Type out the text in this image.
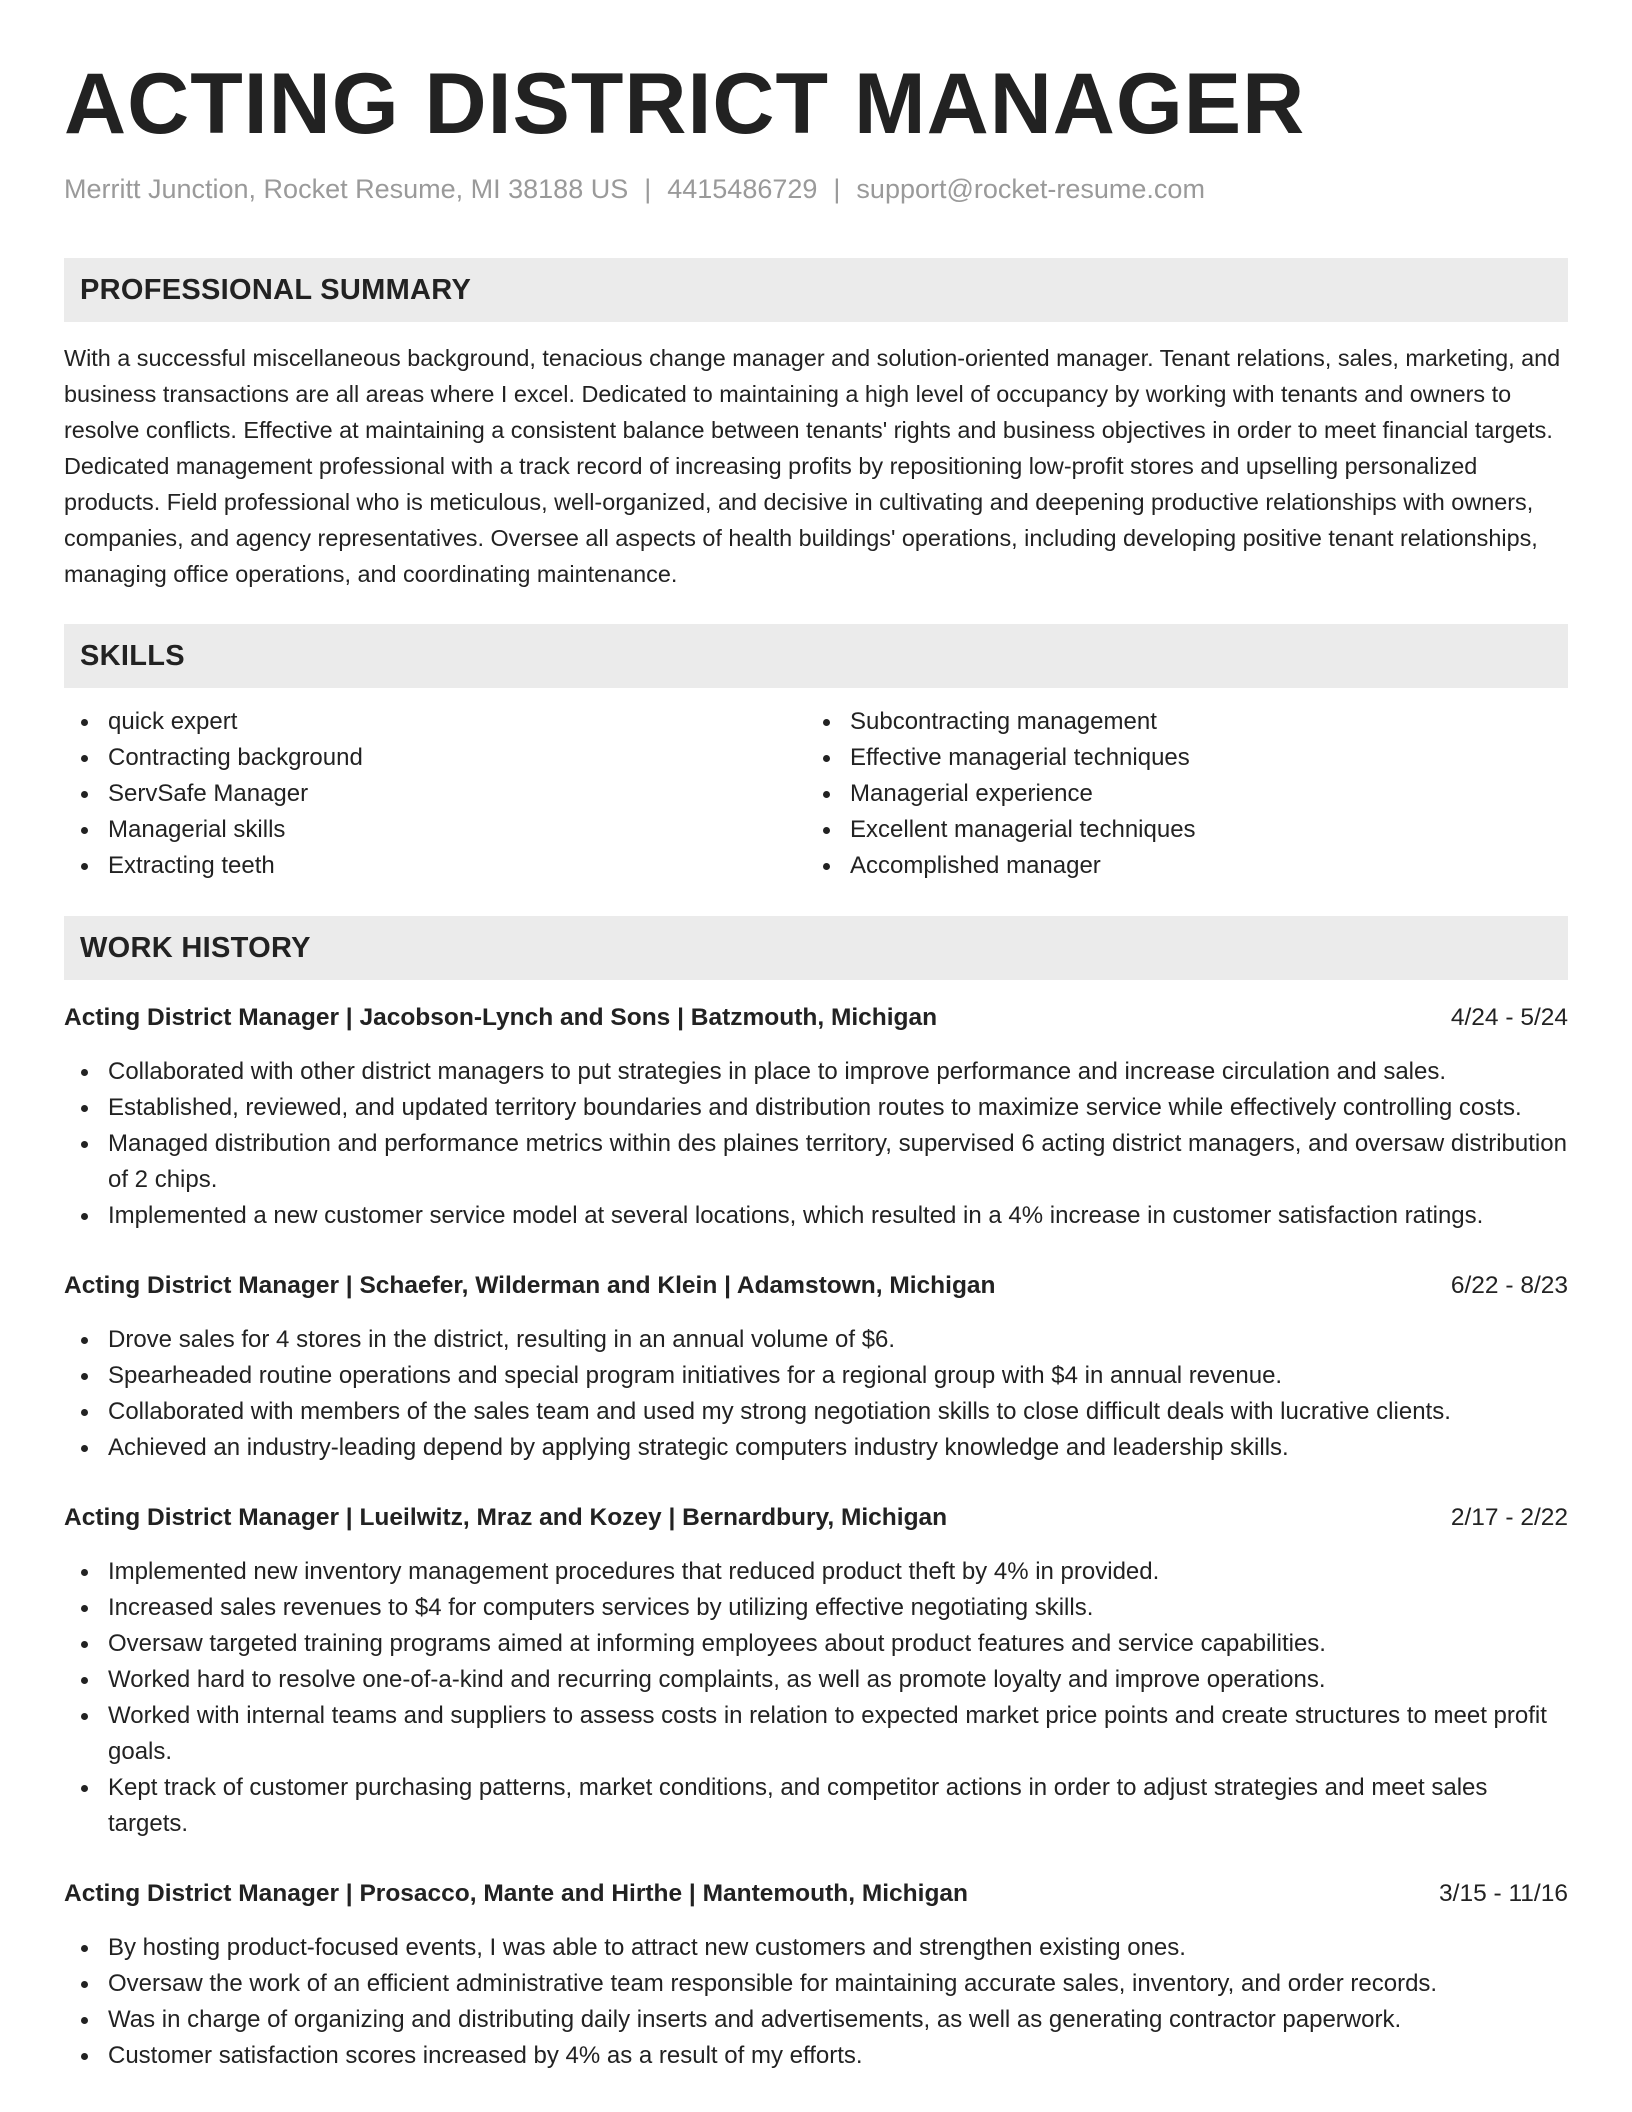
ACTING DISTRICT MANAGER
Merritt Junction, Rocket Resume, MI 38188 US | 4415486729 | support@rocket-resume.com
PROFESSIONAL SUMMARY

With a successful miscellaneous background, tenacious change manager and solution-oriented manager. Tenant relations, sales, marketing, and business transactions are all areas where I excel. Dedicated to maintaining a high level of occupancy by working with tenants and owners to resolve conflicts. Effective at maintaining a consistent balance between tenants' rights and business objectives in order to meet financial targets. Dedicated management professional with a track record of increasing profits by repositioning low-profit stores and upselling personalized products. Field professional who is meticulous, well-organized, and decisive in cultivating and deepening productive relationships with owners, companies, and agency representatives. Oversee all aspects of health buildings' operations, including developing positive tenant relationships, managing office operations, and coordinating maintenance.

SKILLS
quick expert
Contracting background
ServSafe Manager
Managerial skills
Extracting teeth
Subcontracting management
Effective managerial techniques
Managerial experience
Excellent managerial techniques
Accomplished manager
WORK HISTORY
Acting District Manager | Jacobson-Lynch and Sons | Batzmouth, Michigan	4/24 - 5/24
Collaborated with other district managers to put strategies in place to improve performance and increase circulation and sales.
Established, reviewed, and updated territory boundaries and distribution routes to maximize service while effectively controlling costs.
Managed distribution and performance metrics within des plaines territory, supervised 6 acting district managers, and oversaw distribution of 2 chips.
Implemented a new customer service model at several locations, which resulted in a 4% increase in customer satisfaction ratings.
Acting District Manager | Schaefer, Wilderman and Klein | Adamstown, Michigan	6/22 - 8/23
Drove sales for 4 stores in the district, resulting in an annual volume of $6.
Spearheaded routine operations and special program initiatives for a regional group with $4 in annual revenue.
Collaborated with members of the sales team and used my strong negotiation skills to close difficult deals with lucrative clients.
Achieved an industry-leading depend by applying strategic computers industry knowledge and leadership skills.
Acting District Manager | Lueilwitz, Mraz and Kozey | Bernardbury, Michigan	2/17 - 2/22
Implemented new inventory management procedures that reduced product theft by 4% in provided.
Increased sales revenues to $4 for computers services by utilizing effective negotiating skills.
Oversaw targeted training programs aimed at informing employees about product features and service capabilities.
Worked hard to resolve one-of-a-kind and recurring complaints, as well as promote loyalty and improve operations.
Worked with internal teams and suppliers to assess costs in relation to expected market price points and create structures to meet profit goals.
Kept track of customer purchasing patterns, market conditions, and competitor actions in order to adjust strategies and meet sales targets.
Acting District Manager | Prosacco, Mante and Hirthe | Mantemouth, Michigan	3/15 - 11/16
By hosting product-focused events, I was able to attract new customers and strengthen existing ones.
Oversaw the work of an efficient administrative team responsible for maintaining accurate sales, inventory, and order records.
Was in charge of organizing and distributing daily inserts and advertisements, as well as generating contractor paperwork.
Customer satisfaction scores increased by 4% as a result of my efforts.
